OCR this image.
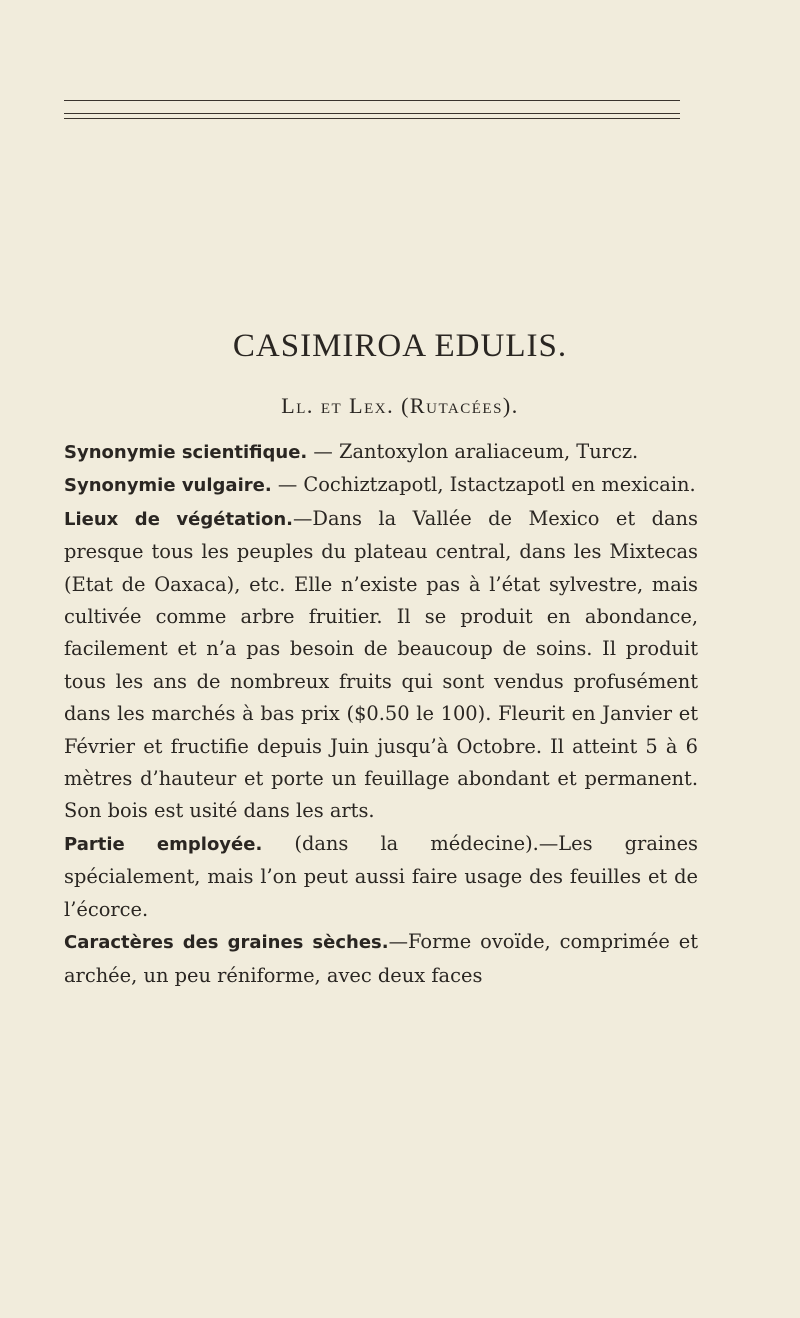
CASIMIROA EDULIS.
Ll. et Lex. (Rutacées).

Synonymie scientifique. — Zantoxylon araliaceum, Turcz.

Synonymie vulgaire. — Cochiztzapotl, Istactzapotl en mexicain.

Lieux de végétation.—Dans la Vallée de Mexico et dans presque tous les peuples du plateau central, dans les Mixtecas (Etat de Oaxaca), etc. Elle n’existe pas à l’état sylvestre, mais cultivée comme arbre fruitier. Il se produit en abondance, facilement et n’a pas besoin de beaucoup de soins. Il produit tous les ans de nombreux fruits qui sont vendus profusément dans les marchés à bas prix ($0.50 le 100). Fleurit en Janvier et Février et fructifie depuis Juin jusqu’à Octobre. Il atteint 5 à 6 mètres d’hauteur et porte un feuillage abondant et permanent. Son bois est usité dans les arts.

Partie employée. (dans la médecine).—Les graines spécialement, mais l’on peut aussi faire usage des feuilles et de l’écorce.

Caractères des graines sèches.—Forme ovoïde, comprimée et archée, un peu réniforme, avec deux faces
